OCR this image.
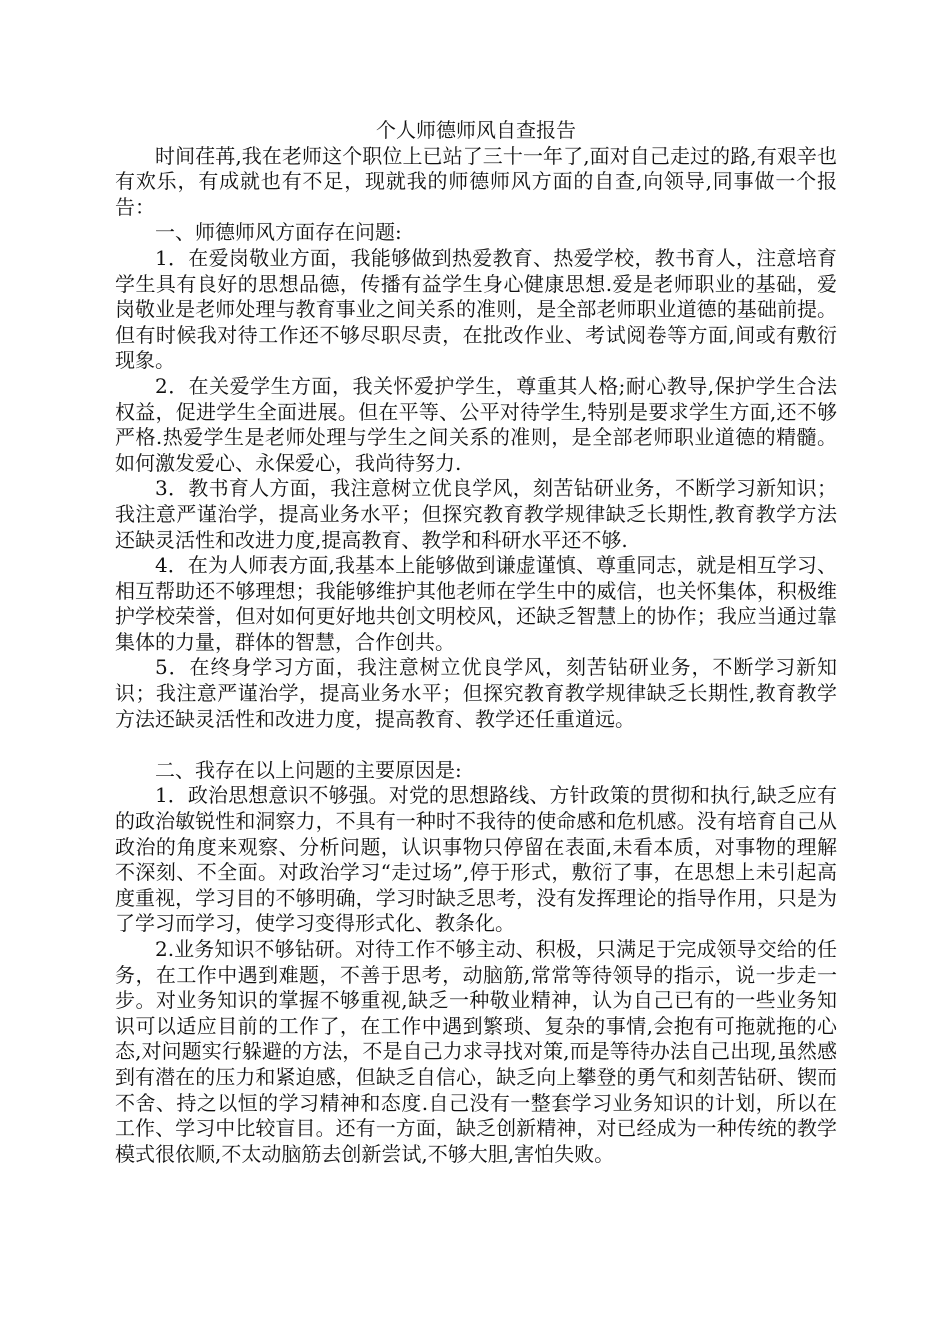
个人师德师风自查报告

时间荏苒,我在老师这个职位上已站了三十一年了,面对自己走过的路,有艰辛也有欢乐，有成就也有不足，现就我的师德师风方面的自查,向领导,同事做一个报告：

一、师德师风方面存在问题:

1．在爱岗敬业方面，我能够做到热爱教育、热爱学校，教书育人，注意培育学生具有良好的思想品德，传播有益学生身心健康思想.爱是老师职业的基础，爱岗敬业是老师处理与教育事业之间关系的准则，是全部老师职业道德的基础前提。但有时候我对待工作还不够尽职尽责，在批改作业、考试阅卷等方面,间或有敷衍现象。

2．在关爱学生方面，我关怀爱护学生，尊重其人格;耐心教导,保护学生合法权益，促进学生全面进展。但在平等、公平对待学生,特别是要求学生方面,还不够严格.热爱学生是老师处理与学生之间关系的准则，是全部老师职业道德的精髓。如何激发爱心、永保爱心，我尚待努力.

3．教书育人方面，我注意树立优良学风，刻苦钻研业务，不断学习新知识；我注意严谨治学，提高业务水平；但探究教育教学规律缺乏长期性,教育教学方法还缺灵活性和改进力度,提高教育、教学和科研水平还不够.

4．在为人师表方面,我基本上能够做到谦虚谨慎、尊重同志，就是相互学习、相互帮助还不够理想；我能够维护其他老师在学生中的威信，也关怀集体，积极维护学校荣誉，但对如何更好地共创文明校风，还缺乏智慧上的协作；我应当通过靠集体的力量，群体的智慧，合作创共。

5．在终身学习方面，我注意树立优良学风，刻苦钻研业务，不断学习新知识；我注意严谨治学，提高业务水平；但探究教育教学规律缺乏长期性,教育教学方法还缺灵活性和改进力度，提高教育、教学还任重道远。

二、我存在以上问题的主要原因是:

1．政治思想意识不够强。对党的思想路线、方针政策的贯彻和执行,缺乏应有的政治敏锐性和洞察力，不具有一种时不我待的使命感和危机感。没有培育自己从政治的角度来观察、分析问题，认识事物只停留在表面,未看本质，对事物的理解不深刻、不全面。对政治学习“走过场”,停于形式，敷衍了事，在思想上未引起高度重视，学习目的不够明确，学习时缺乏思考，没有发挥理论的指导作用，只是为了学习而学习，使学习变得形式化、教条化。

2.业务知识不够钻研。对待工作不够主动、积极，只满足于完成领导交给的任务，在工作中遇到难题，不善于思考，动脑筋,常常等待领导的指示，说一步走一步。对业务知识的掌握不够重视,缺乏一种敬业精神，认为自己已有的一些业务知识可以适应目前的工作了，在工作中遇到繁琐、复杂的事情,会抱有可拖就拖的心态,对问题实行躲避的方法，不是自己力求寻找对策,而是等待办法自己出现,虽然感到有潜在的压力和紧迫感，但缺乏自信心，缺乏向上攀登的勇气和刻苦钻研、锲而不舍、持之以恒的学习精神和态度.自己没有一整套学习业务知识的计划，所以在工作、学习中比较盲目。还有一方面，缺乏创新精神，对已经成为一种传统的教学模式很依顺,不太动脑筋去创新尝试,不够大胆,害怕失败。
